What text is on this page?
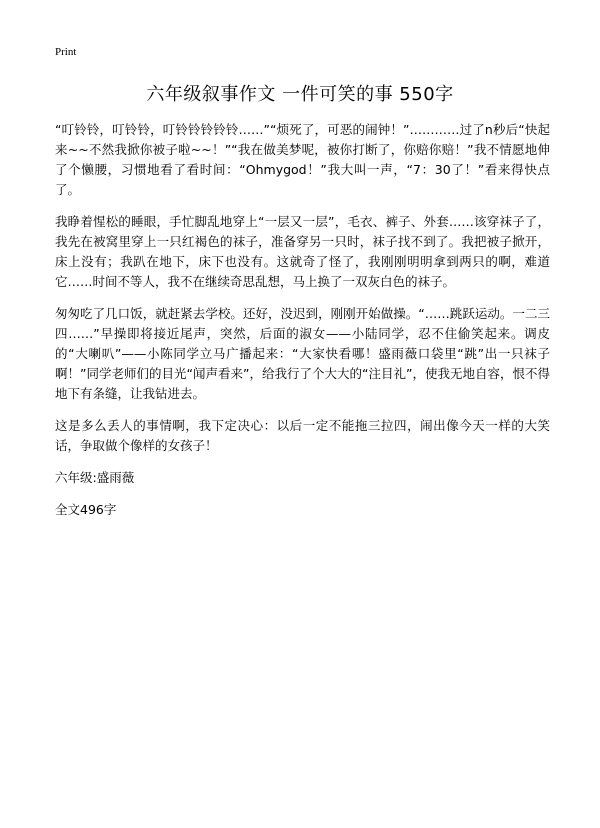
Print
六年级叙事作文 一件可笑的事 550字

“叮铃铃，叮铃铃，叮铃铃铃铃铃……”“烦死了，可恶的闹钟！”…………过了n秒后“快起来~~不然我掀你被子啦~~！”“我在做美梦呢，被你打断了，你赔你赔！”我不情愿地伸了个懒腰，习惯地看了看时间：“Ohmygod！”我大叫一声，“7：30了！”看来得快点了。

我睁着惺松的睡眼，手忙脚乱地穿上“一层又一层”，毛衣、裤子、外套……该穿袜子了，我先在被窝里穿上一只红褐色的袜子，准备穿另一只时，袜子找不到了。我把被子掀开，床上没有；我趴在地下，床下也没有。这就奇了怪了，我刚刚明明拿到两只的啊，难道它……时间不等人，我不在继续奇思乱想，马上换了一双灰白色的袜子。

匆匆吃了几口饭，就赶紧去学校。还好，没迟到，刚刚开始做操。“……跳跃运动。一二三四……”早操即将接近尾声，突然，后面的淑女——小陆同学，忍不住偷笑起来。调皮的“大喇叭”——小陈同学立马广播起来：“大家快看哪！盛雨薇口袋里“跳”出一只袜子啊！”同学老师们的目光“闻声看来”，给我行了个大大的“注目礼”，使我无地自容，恨不得地下有条缝，让我钻进去。

这是多么丢人的事情啊，我下定决心：以后一定不能拖三拉四，闹出像今天一样的大笑话，争取做个像样的女孩子！

六年级:盛雨薇

全文496字
